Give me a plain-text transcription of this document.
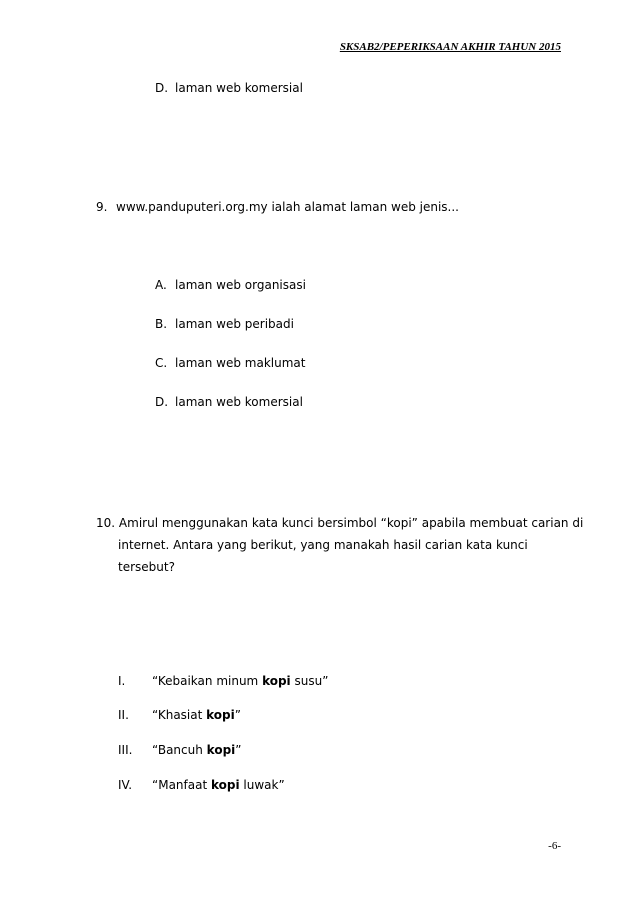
SKSAB2/PEPERIKSAAN AKHIR TAHUN 2015
D. laman web komersial
9. www.panduputeri.org.my ialah alamat laman web jenis...
A. laman web organisasi
B. laman web peribadi
C. laman web maklumat
D. laman web komersial
10. Amirul menggunakan kata kunci bersimbol “kopi” apabila membuat carian di
internet. Antara yang berikut, yang manakah hasil carian kata kunci
tersebut?
I. “Kebaikan minum kopi susu”
II. “Khasiat kopi”
III. “Bancuh kopi”
IV. “Manfaat kopi luwak”
-6-
